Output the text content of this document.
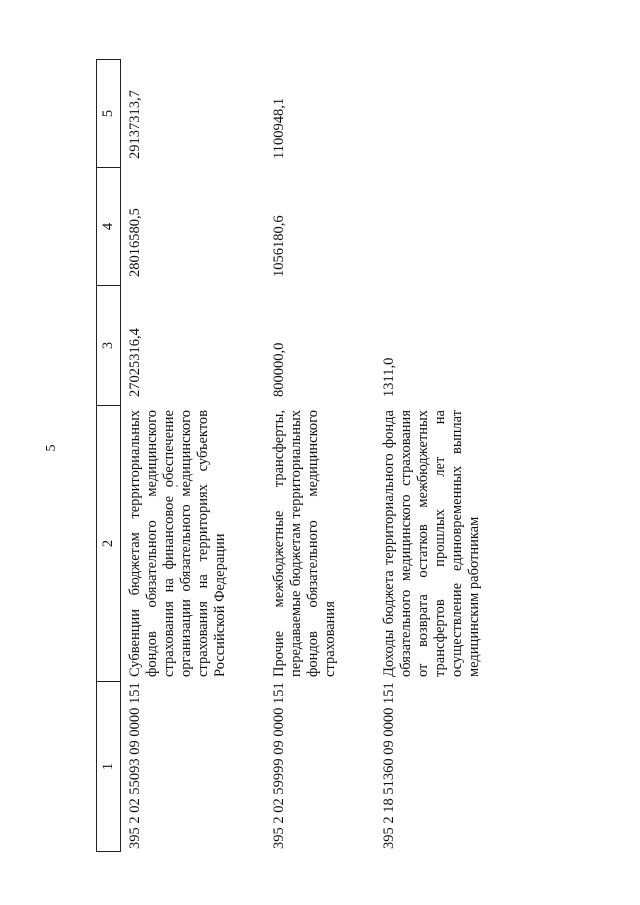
5
1	2	3	4	5
395 2 02 55093 09 0000 151	Субвенции бюджетам территориальных фондов обязательного медицинского страхования на финансовое обеспечение организации обязательного медицинского страхования на территориях субъектов Российской Федерации	27025316,4	28016580,5	29137313,7
395 2 02 59999 09 0000 151	Прочие межбюджетные трансферты, передаваемые бюджетам территориальных фондов обязательного медицинского страхования	800000,0	1056180,6	1100948,1
395 2 18 51360 09 0000 151	Доходы бюджета территориального фонда обязательного медицинского страхования от возврата остатков межбюджетных трансфертов прошлых лет на осуществление единовременных выплат медицинским работникам	1311,0		
